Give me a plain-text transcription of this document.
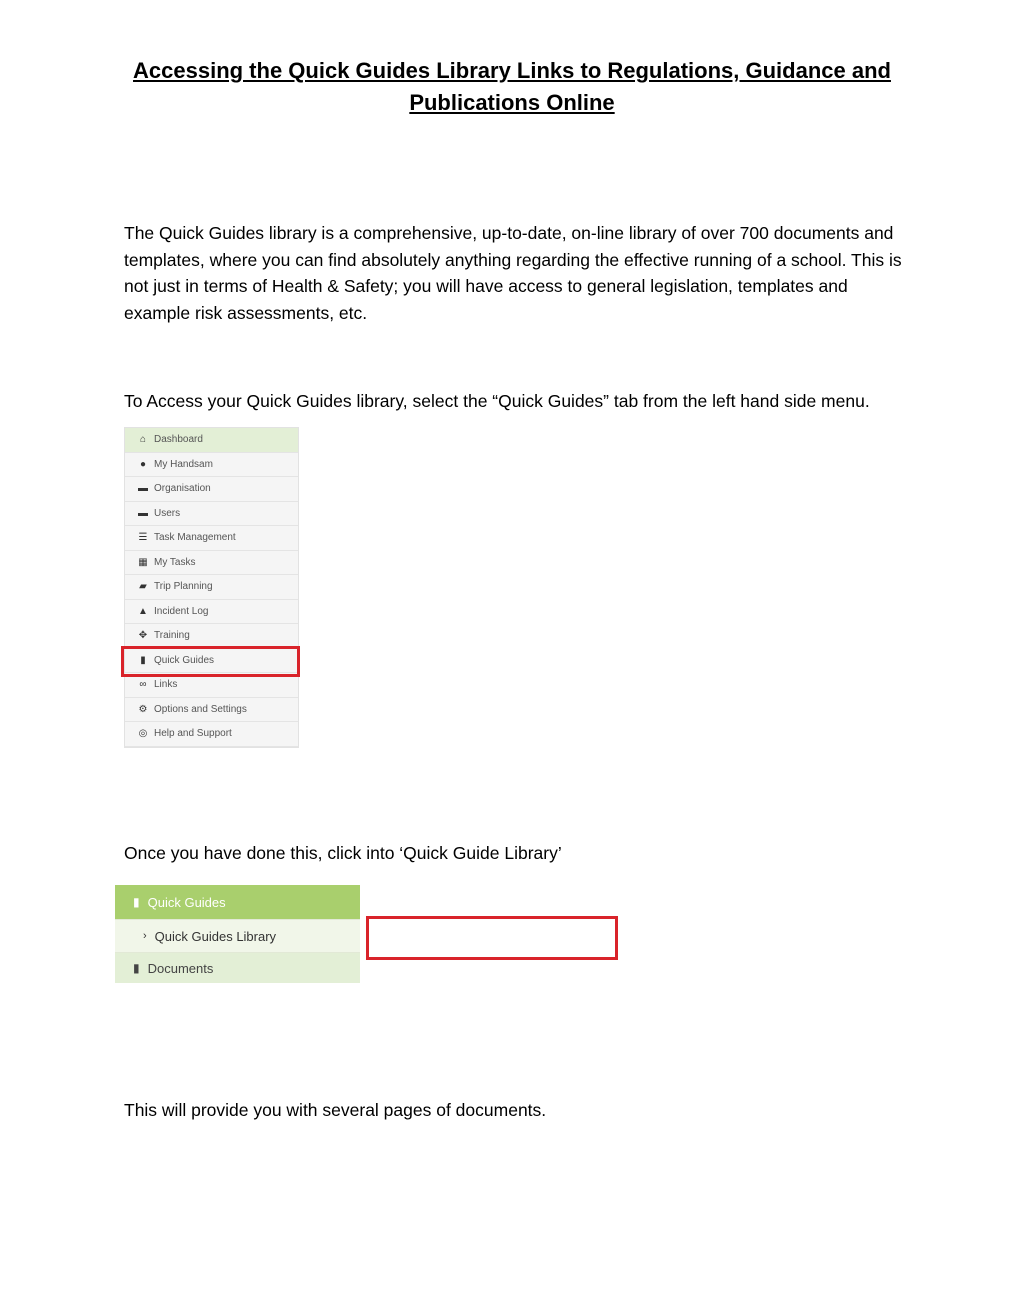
Accessing the Quick Guides Library Links to Regulations, Guidance and
Publications Online
The Quick Guides library is a comprehensive, up-to-date, on-line library of over 700 documents and templates, where you can find absolutely anything regarding the effective running of a school. This is not just in terms of Health & Safety; you will have access to general legislation, templates and example risk assessments, etc.
To Access your Quick Guides library, select the “Quick Guides” tab from the left hand side menu.
⌂ Dashboard
● My Handsam
▬ Organisation
▬ Users
☰ Task Management
▦ My Tasks
▰ Trip Planning
▲ Incident Log
✥ Training
▮ Quick Guides
∞ Links
⚙ Options and Settings
◎ Help and Support
Once you have done this, click into ‘Quick Guide Library’
▮ Quick Guides
› Quick Guides Library
▮ Documents
This will provide you with several pages of documents.
